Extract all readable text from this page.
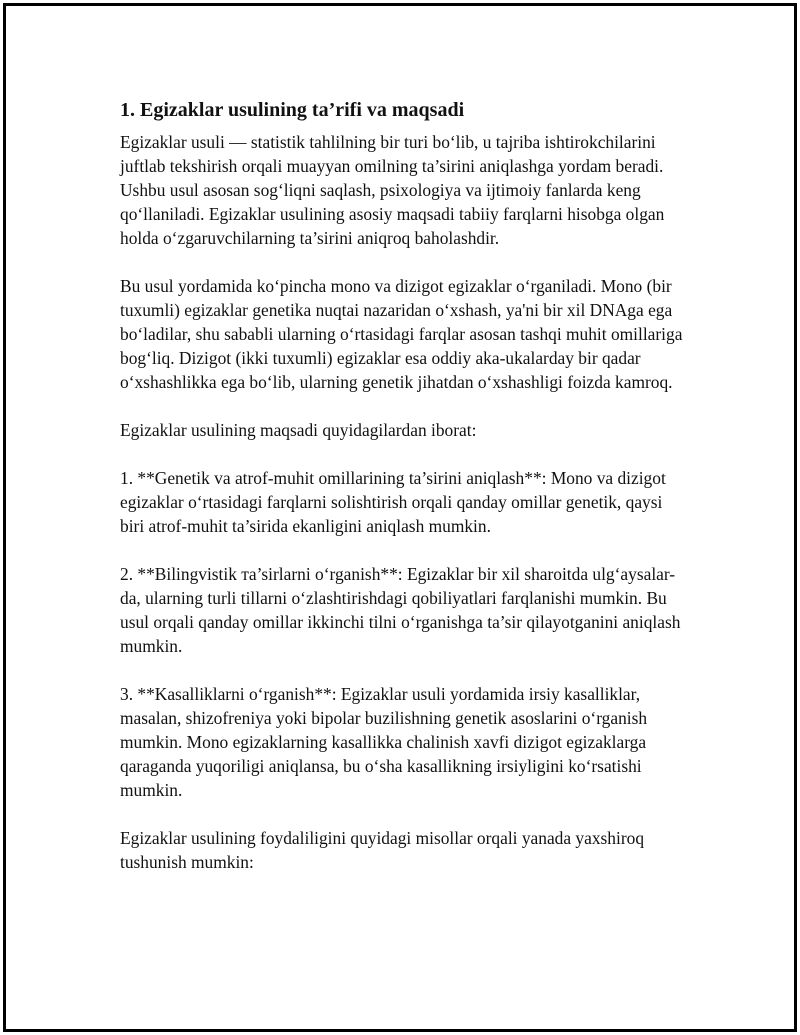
1. Egizaklar usulining ta’rifi va maqsadi

Egizaklar usuli — statistik tahlilning bir turi bo‘lib, u tajriba ishtirokchilarini juftlab tekshirish orqali muayyan omilning ta’sirini aniqlashga yordam beradi. Ushbu usul asosan sog‘liqni saqlash, psixologiya va ijtimoiy fanlarda keng qo‘llaniladi. Egizaklar usulining asosiy maqsadi tabiiy farqlarni hisobga olgan holda o‘zgaruvchilarning ta’sirini aniqroq baholashdir.

Bu usul yordamida ko‘pincha mono va dizigot egizaklar o‘rganiladi. Mono (bir tuxumli) egizaklar genetika nuqtai nazaridan o‘xshash, ya'ni bir xil DNAga ega bo‘ladilar, shu sababli ularning o‘rtasidagi farqlar asosan tashqi muhit omillariga bog‘liq. Dizigot (ikki tuxumli) egizaklar esa oddiy aka-ukalarday bir qadar o‘xshashlikka ega bo‘lib, ularning genetik jihatdan o‘xshashligi foizda kamroq.

Egizaklar usulining maqsadi quyidagilardan iborat:

1. **Genetik va atrof-muhit omillarining ta’sirini aniqlash**: Mono va dizigot egizaklar o‘rtasidagi farqlarni solishtirish orqali qanday omillar genetik, qaysi biri atrof-muhit ta’sirida ekanligini aniqlash mumkin.

2. **Bilingvistik тa’sirlarni o‘rganish**: Egizaklar bir xil sharoitda ulg‘aysalar-da, ularning turli tillarni o‘zlashtirishdagi qobiliyatlari farqlanishi mumkin. Bu usul orqali qanday omillar ikkinchi tilni o‘rganishga ta’sir qilayotganini aniqlash mumkin.

3. **Kasalliklarni o‘rganish**: Egizaklar usuli yordamida irsiy kasalliklar, masalan, shizofreniya yoki bipolar buzilishning genetik asoslarini o‘rganish mumkin. Mono egizaklarning kasallikka chalinish xavfi dizigot egizaklarga qaraganda yuqoriligi aniqlansa, bu o‘sha kasallikning irsiyligini ko‘rsatishi mumkin.

Egizaklar usulining foydaliligini quyidagi misollar orqali yanada yaxshiroq tushunish mumkin:
